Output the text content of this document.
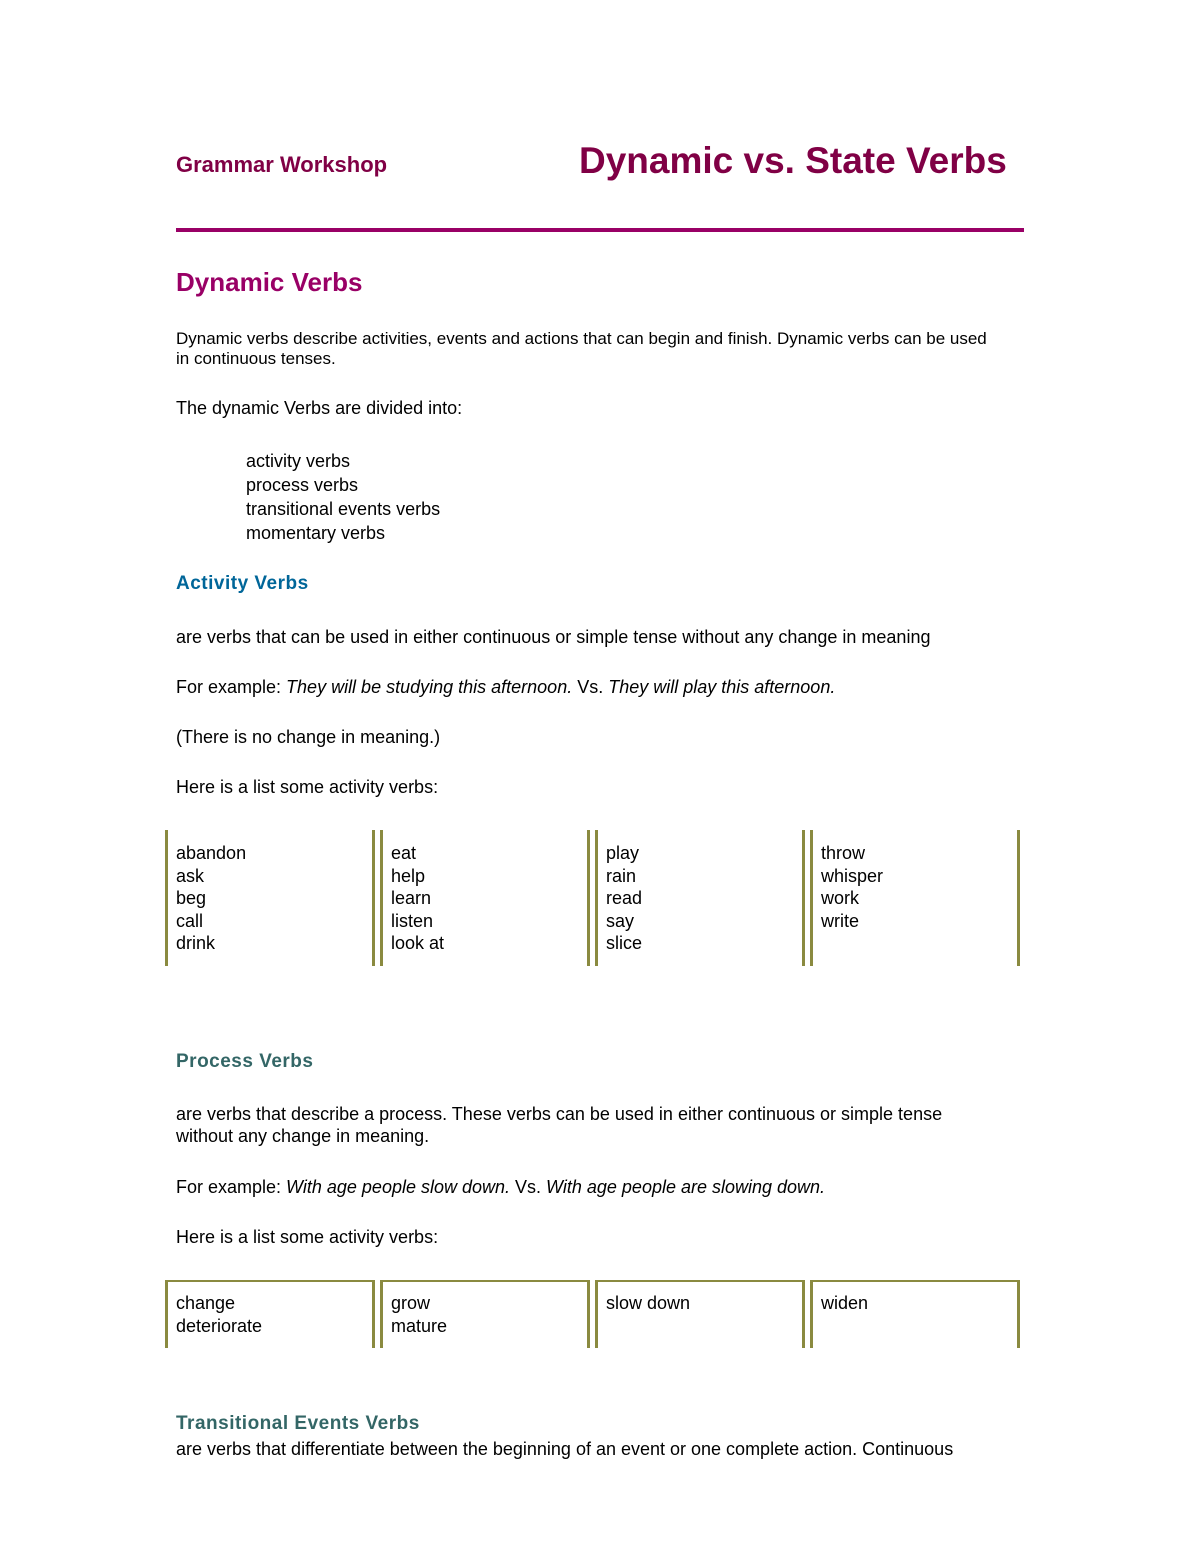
Grammar Workshop	Dynamic vs. State Verbs
Dynamic Verbs
Dynamic verbs describe activities, events and actions that can begin and finish. Dynamic verbs can be used
in continuous tenses.
The dynamic Verbs are divided into:
activity verbs
process verbs
transitional events verbs
momentary verbs
Activity Verbs
are verbs that can be used in either continuous or simple tense without any change in meaning
For example: They will be studying this afternoon. Vs. They will play this afternoon.
(There is no change in meaning.)
Here is a list some activity verbs:
abandon
ask
beg
call
drink
eat
help
learn
listen
look at
play
rain
read
say
slice
throw
whisper
work
write
Process Verbs
are verbs that describe a process. These verbs can be used in either continuous or simple tense
without any change in meaning.
For example: With age people slow down. Vs. With age people are slowing down.
Here is a list some activity verbs:
change
deteriorate
grow
mature
slow down	widen
Transitional Events Verbs
are verbs that differentiate between the beginning of an event or one complete action. Continuous
